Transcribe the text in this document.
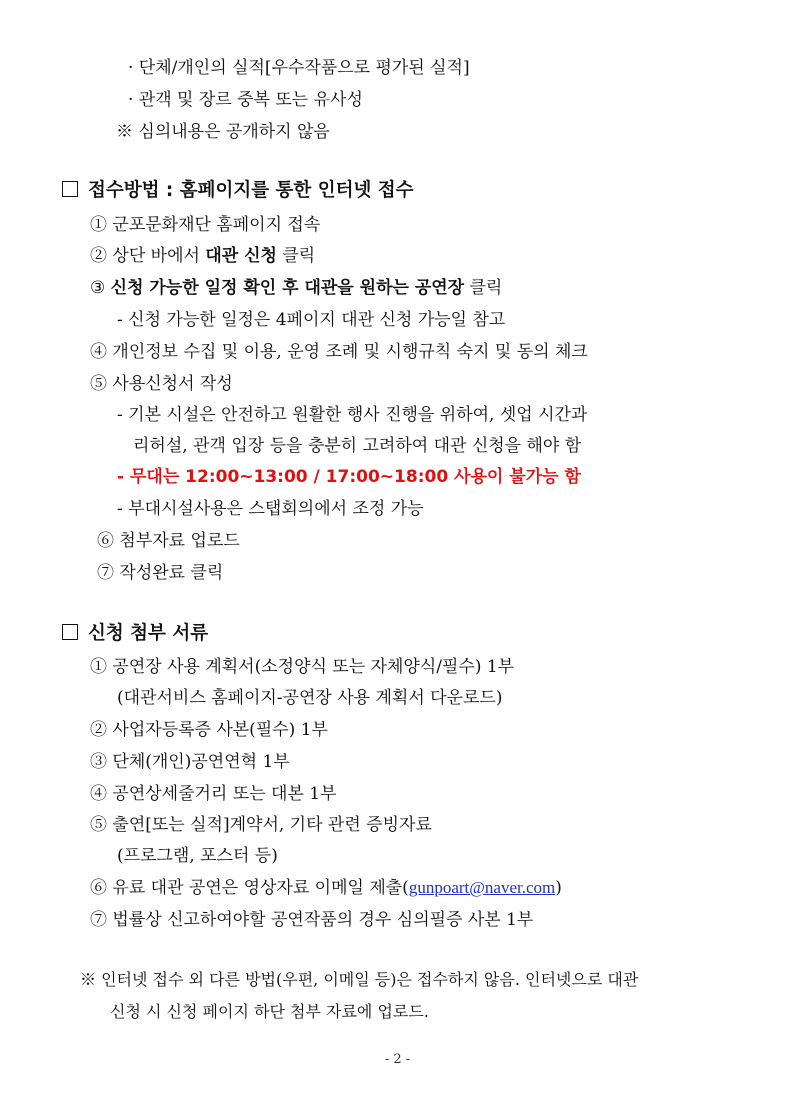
· 단체/개인의 실적[우수작품으로 평가된 실적]
· 관객 및 장르 중복 또는 유사성
※ 심의내용은 공개하지 않음
접수방법 : 홈페이지를 통한 인터넷 접수
① 군포문화재단 홈페이지 접속
② 상단 바에서 대관 신청 클릭
③ 신청 가능한 일정 확인 후 대관을 원하는 공연장 클릭
- 신청 가능한 일정은 4페이지 대관 신청 가능일 참고
④ 개인정보 수집 및 이용, 운영 조례 및 시행규칙 숙지 및 동의 체크
⑤ 사용신청서 작성
- 기본 시설은 안전하고 원활한 행사 진행을 위하여, 셋업 시간과
리허설, 관객 입장 등을 충분히 고려하여 대관 신청을 해야 함
- 무대는 12:00~13:00 / 17:00~18:00 사용이 불가능 함
- 부대시설사용은 스탭회의에서 조정 가능
⑥ 첨부자료 업로드
⑦ 작성완료 클릭
신청 첨부 서류
① 공연장 사용 계획서(소정양식 또는 자체양식/필수) 1부
(대관서비스 홈페이지-공연장 사용 계획서 다운로드)
② 사업자등록증 사본(필수) 1부
③ 단체(개인)공연연혁 1부
④ 공연상세줄거리 또는 대본 1부
⑤ 출연[또는 실적]계약서, 기타 관련 증빙자료
(프로그램, 포스터 등)
⑥ 유료 대관 공연은 영상자료 이메일 제출(gunpoart@naver.com)
⑦ 법률상 신고하여야할 공연작품의 경우 심의필증 사본 1부
※ 인터넷 접수 외 다른 방법(우편, 이메일 등)은 접수하지 않음. 인터넷으로 대관
신청 시 신청 페이지 하단 첨부 자료에 업로드.
- 2 -
